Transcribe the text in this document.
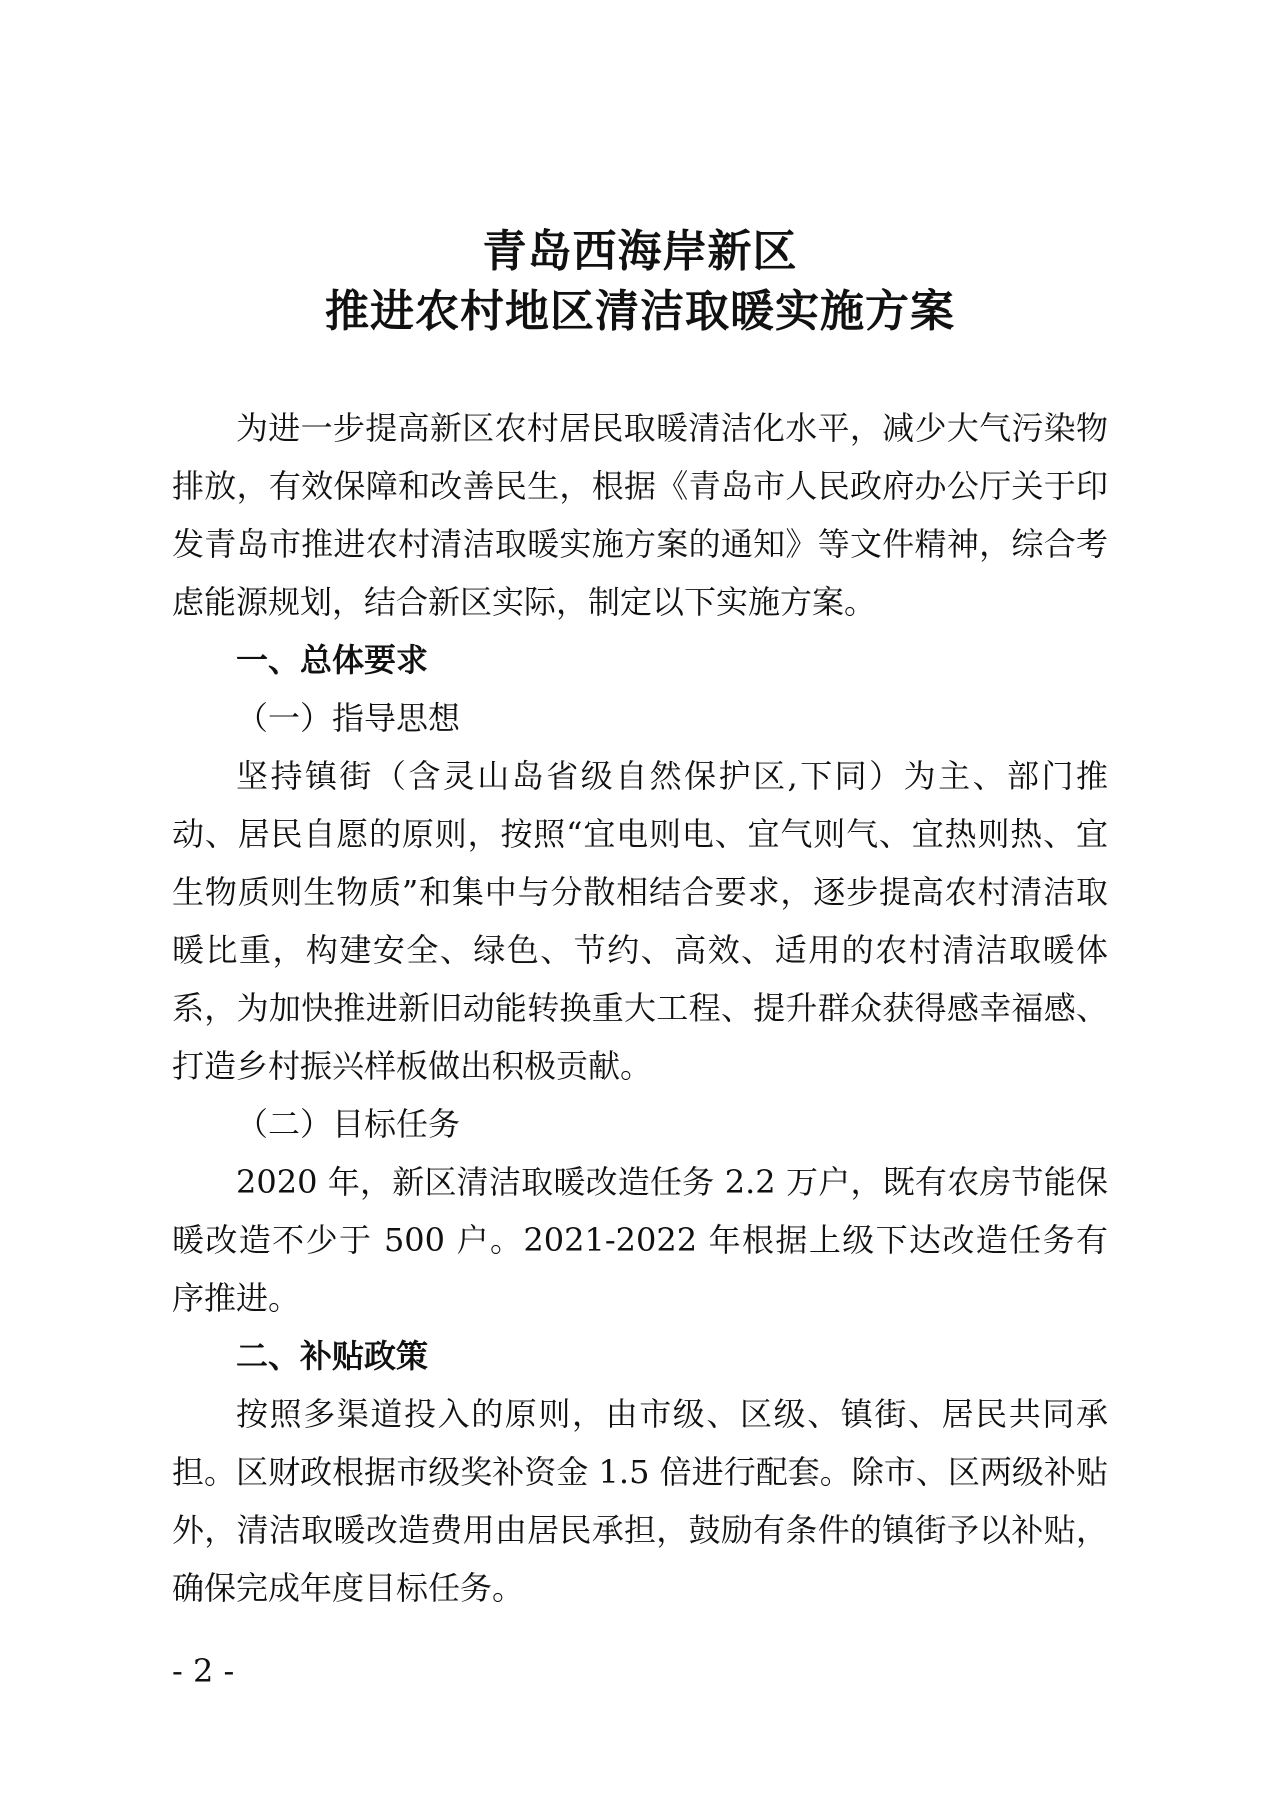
青岛西海岸新区
推进农村地区清洁取暖实施方案

为进一步提高新区农村居民取暖清洁化水平，减少大气污染物排放，有效保障和改善民生，根据《青岛市人民政府办公厅关于印发青岛市推进农村清洁取暖实施方案的通知》等文件精神，综合考虑能源规划，结合新区实际，制定以下实施方案。

一、总体要求

（一）指导思想

坚持镇街（含灵山岛省级自然保护区,下同）为主、部门推动、居民自愿的原则，按照“宜电则电、宜气则气、宜热则热、宜生物质则生物质”和集中与分散相结合要求，逐步提高农村清洁取暖比重，构建安全、绿色、节约、高效、适用的农村清洁取暖体系，为加快推进新旧动能转换重大工程、提升群众获得感幸福感、打造乡村振兴样板做出积极贡献。

（二）目标任务

2020 年，新区清洁取暖改造任务 2.2 万户，既有农房节能保暖改造不少于 500 户。2021-2022 年根据上级下达改造任务有序推进。

二、补贴政策

按照多渠道投入的原则，由市级、区级、镇街、居民共同承担。区财政根据市级奖补资金 1.5 倍进行配套。除市、区两级补贴外，清洁取暖改造费用由居民承担，鼓励有条件的镇街予以补贴，确保完成年度目标任务。

- 2 -
